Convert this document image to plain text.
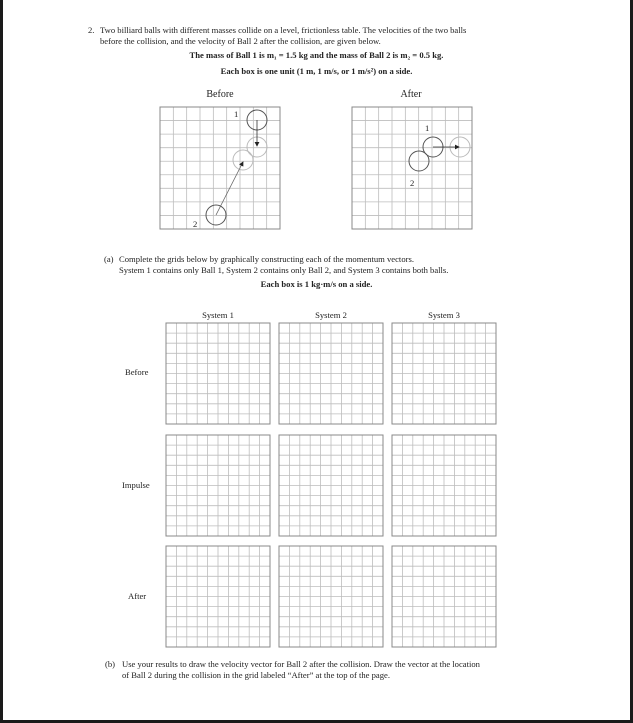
2. Two billiard balls with different masses collide on a level, frictionless table. The velocities of the two balls
before the collision, and the velocity of Ball 2 after the collision, are given below.
The mass of Ball 1 is m₁ = 1.5 kg and the mass of Ball 2 is m₂ = 0.5 kg.
Each box is one unit (1 m, 1 m/s, or 1 m/s²) on a side.
Before	After
1
2
1
2
(a) Complete the grids below by graphically constructing each of the momentum vectors.
System 1 contains only Ball 1, System 2 contains only Ball 2, and System 3 contains both balls.
Each box is 1 kg·m/s on a side.
System 1	System 2	System 3
Before
Impulse
After
(b) Use your results to draw the velocity vector for Ball 2 after the collision. Draw the vector at the location
of Ball 2 during the collision in the grid labeled “After” at the top of the page.
